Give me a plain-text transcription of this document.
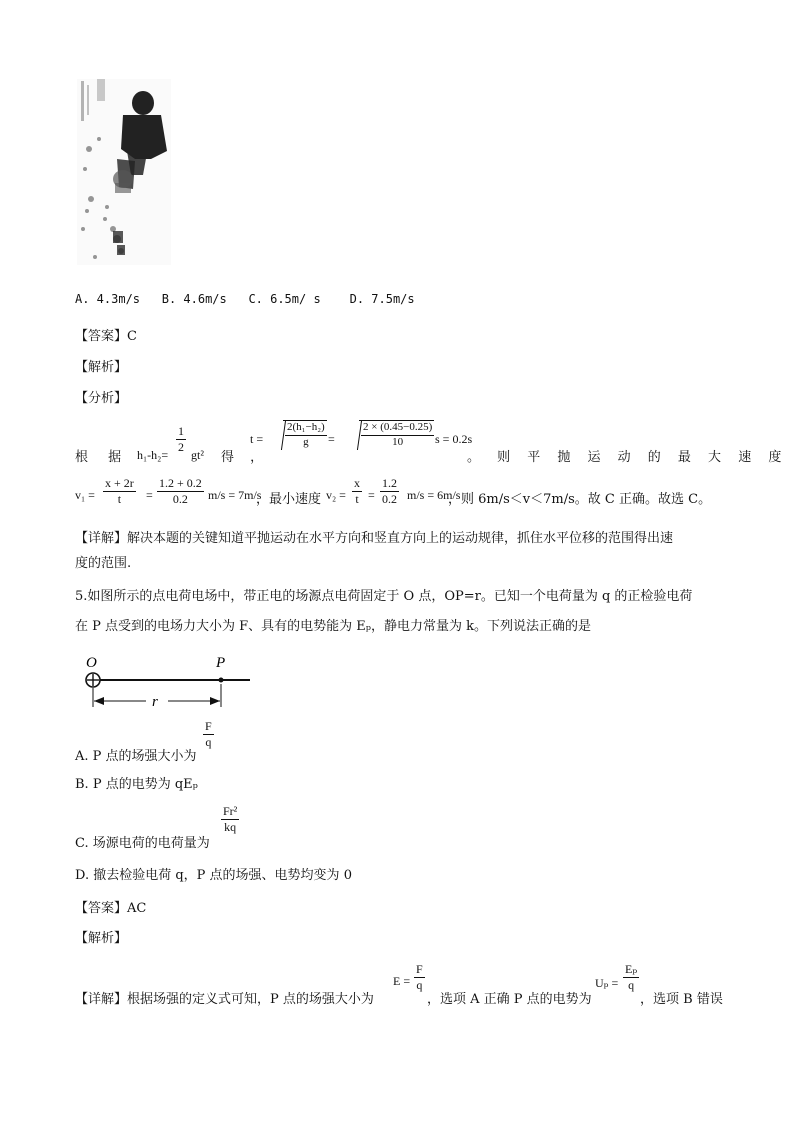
A. 4.3m/s B. 4.6m/s C. 6.5m/ s D. 7.5m/s
【答案】C
【解析】
【分析】
根 据 $h_1-h_2= \frac{1}{2} gt^2$ 得 ，
$t = \frac{\text{2(h₁−h₂)}}{g} = \frac{2 \times (0.45-0.25)}{10}$ s = 0.2s
。 则 平 抛 运 动 的 最 大 速 度
$v_1 = \frac{x + 2r}{t} = \frac{1.2 + 0.2}{0.2} m/s = 7m/s$
，最小速度 $v_2 = \frac{x}{t} = \frac{1.2}{0.2} m/s = 6m/s$
，则 6m/s＜v＜7m/s。故 C 正确。故选 C。
【详解】解决本题的关键知道平抛运动在水平方向和竖直方向上的运动规律，抓住水平位移的范围得出速
度的范围.
5.如图所示的点电荷电场中，带正电的场源点电荷固定于 O 点，OP=r。已知一个电荷量为 q 的正检验电荷
在 P 点受到的电场力大小为 F、具有的电势能为 Eₚ，静电力常量为 k。下列说法正确的是
O	P
r
A. P 点的场强大小为
$\frac{F}{q}$
B. P 点的电势为 qEₚ
C. 场源电荷的电荷量为
$\frac{\text{Fr²}}{kq}$
D. 撤去检验电荷 q，P 点的场强、电势均变为 0
【答案】AC
【解析】
【详解】根据场强的定义式可知，P 点的场强大小为
$E = \frac{F}{q}$
，选项 A 正确 P 点的电势为
$U_p = \frac{\text{Eₚ}}{q}$
，选项 B 错误
